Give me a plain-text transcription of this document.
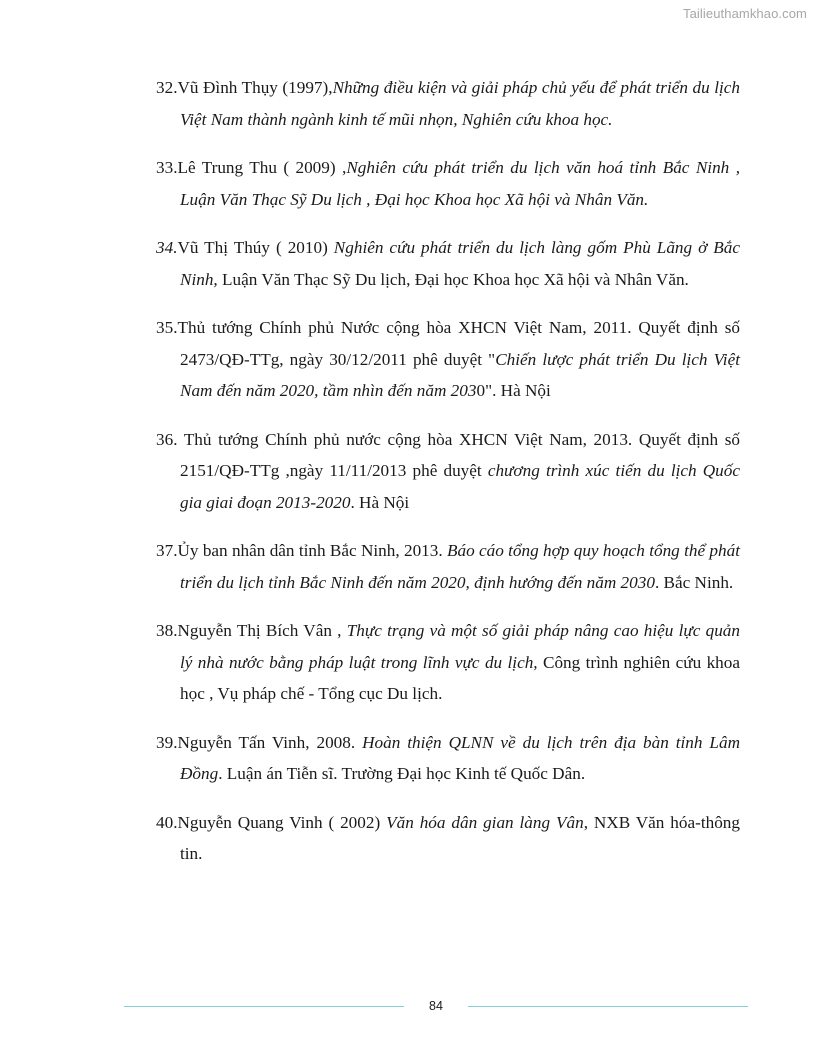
Tailieuthamkhao.com

32.Vũ Đình Thụy (1997),Những điều kiện và giải pháp chủ yếu để phát triển du lịch Việt Nam thành ngành kinh tế mũi nhọn, Nghiên cứu khoa học.

33.Lê Trung Thu ( 2009) ,Nghiên cứu phát triển du lịch văn hoá tỉnh Bắc Ninh , Luận Văn Thạc Sỹ Du lịch , Đại học Khoa học Xã hội và Nhân Văn.

34.Vũ Thị Thúy ( 2010) Nghiên cứu phát triển du lịch làng gốm Phù Lãng ở Bắc Ninh, Luận Văn Thạc Sỹ Du lịch, Đại học Khoa học Xã hội và Nhân Văn.

35.Thủ tướng Chính phủ Nước cộng hòa XHCN Việt Nam, 2011. Quyết định số 2473/QĐ-TTg, ngày 30/12/2011 phê duyệt "Chiến lược phát triển Du lịch Việt Nam đến năm 2020, tầm nhìn đến năm 2030". Hà Nội

36. Thủ tướng Chính phủ nước cộng hòa XHCN Việt Nam, 2013. Quyết định số 2151/QĐ-TTg ,ngày 11/11/2013 phê duyệt chương trình xúc tiến du lịch Quốc gia giai đoạn 2013-2020. Hà Nội

37.Ủy ban nhân dân tỉnh Bắc Ninh, 2013. Báo cáo tổng hợp quy hoạch tổng thể phát triển du lịch tỉnh Bắc Ninh đến năm 2020, định hướng đến năm 2030. Bắc Ninh.

38.Nguyễn Thị Bích Vân , Thực trạng và một số giải pháp nâng cao hiệu lực quản lý nhà nước bằng pháp luật trong lĩnh vực du lịch, Công trình nghiên cứu khoa học , Vụ pháp chế - Tổng cục Du lịch.

39.Nguyễn Tấn Vinh, 2008. Hoàn thiện QLNN về du lịch trên địa bàn tỉnh Lâm Đồng. Luận án Tiễn sĩ. Trường Đại học Kinh tế Quốc Dân.

40.Nguyễn Quang Vinh ( 2002) Văn hóa dân gian làng Vân, NXB Văn hóa-thông tin.

84
